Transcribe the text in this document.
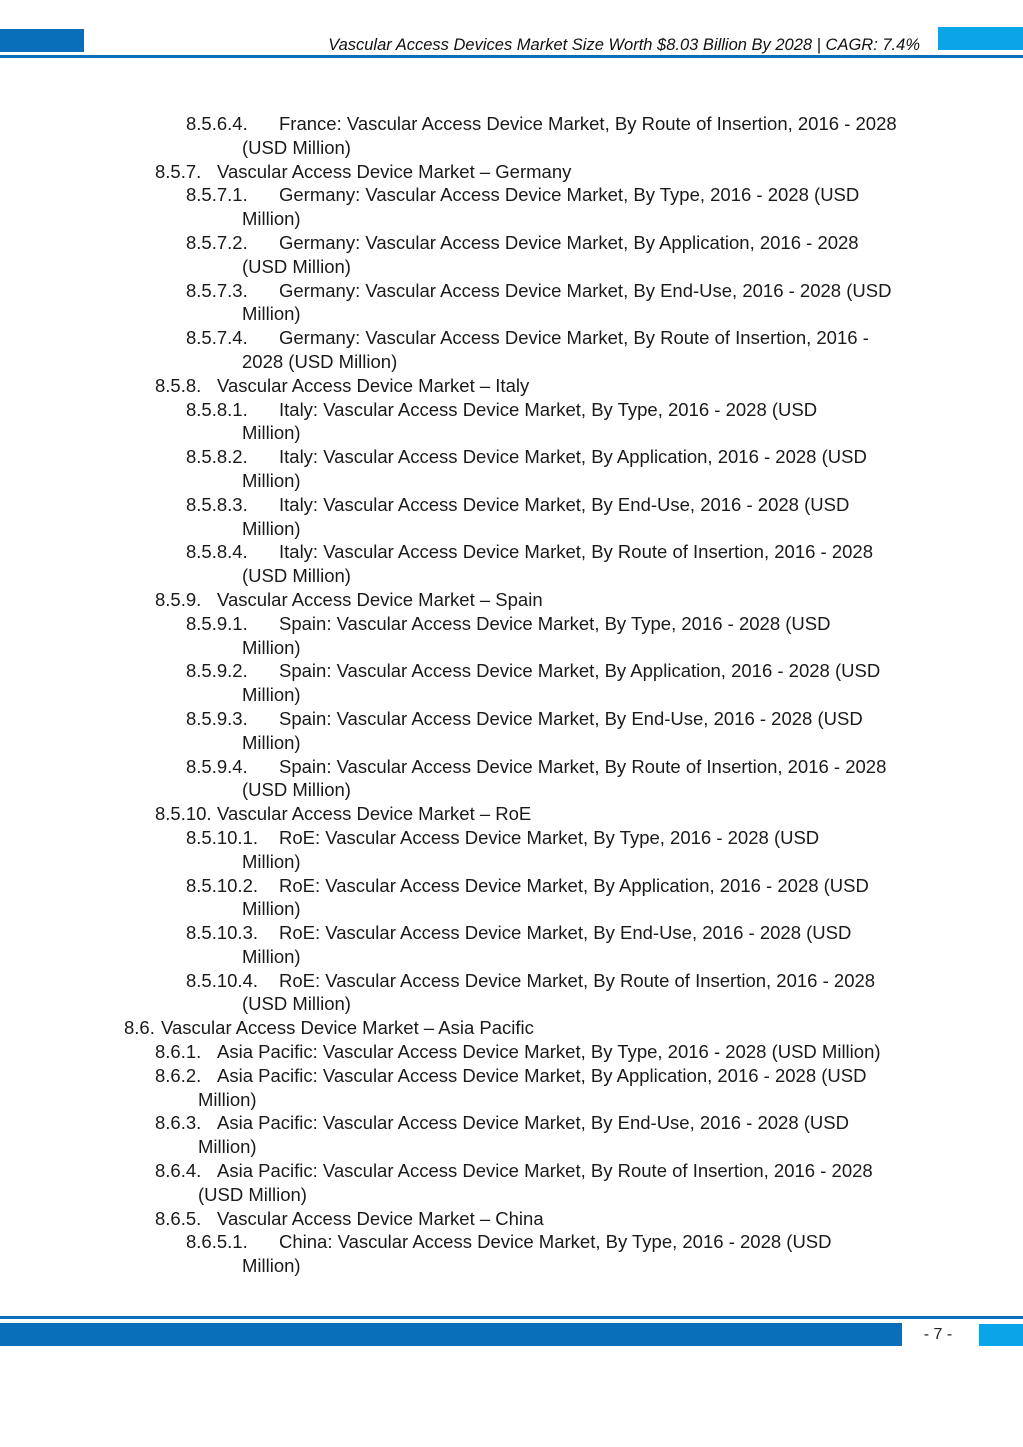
Vascular Access Devices Market Size Worth $8.03 Billion By 2028 | CAGR: 7.4%
8.5.6.4. France: Vascular Access Device Market, By Route of Insertion, 2016 - 2028
(USD Million)
8.5.7. Vascular Access Device Market – Germany
8.5.7.1. Germany: Vascular Access Device Market, By Type, 2016 - 2028 (USD
Million)
8.5.7.2. Germany: Vascular Access Device Market, By Application, 2016 - 2028
(USD Million)
8.5.7.3. Germany: Vascular Access Device Market, By End-Use, 2016 - 2028 (USD
Million)
8.5.7.4. Germany: Vascular Access Device Market, By Route of Insertion, 2016 -
2028 (USD Million)
8.5.8. Vascular Access Device Market – Italy
8.5.8.1. Italy: Vascular Access Device Market, By Type, 2016 - 2028 (USD
Million)
8.5.8.2. Italy: Vascular Access Device Market, By Application, 2016 - 2028 (USD
Million)
8.5.8.3. Italy: Vascular Access Device Market, By End-Use, 2016 - 2028 (USD
Million)
8.5.8.4. Italy: Vascular Access Device Market, By Route of Insertion, 2016 - 2028
(USD Million)
8.5.9. Vascular Access Device Market – Spain
8.5.9.1. Spain: Vascular Access Device Market, By Type, 2016 - 2028 (USD
Million)
8.5.9.2. Spain: Vascular Access Device Market, By Application, 2016 - 2028 (USD
Million)
8.5.9.3. Spain: Vascular Access Device Market, By End-Use, 2016 - 2028 (USD
Million)
8.5.9.4. Spain: Vascular Access Device Market, By Route of Insertion, 2016 - 2028
(USD Million)
8.5.10. Vascular Access Device Market – RoE
8.5.10.1. RoE: Vascular Access Device Market, By Type, 2016 - 2028 (USD
Million)
8.5.10.2. RoE: Vascular Access Device Market, By Application, 2016 - 2028 (USD
Million)
8.5.10.3. RoE: Vascular Access Device Market, By End-Use, 2016 - 2028 (USD
Million)
8.5.10.4. RoE: Vascular Access Device Market, By Route of Insertion, 2016 - 2028
(USD Million)
8.6. Vascular Access Device Market – Asia Pacific
8.6.1. Asia Pacific: Vascular Access Device Market, By Type, 2016 - 2028 (USD Million)
8.6.2. Asia Pacific: Vascular Access Device Market, By Application, 2016 - 2028 (USD
Million)
8.6.3. Asia Pacific: Vascular Access Device Market, By End-Use, 2016 - 2028 (USD
Million)
8.6.4. Asia Pacific: Vascular Access Device Market, By Route of Insertion, 2016 - 2028
(USD Million)
8.6.5. Vascular Access Device Market – China
8.6.5.1. China: Vascular Access Device Market, By Type, 2016 - 2028 (USD
Million)
- 7 -
